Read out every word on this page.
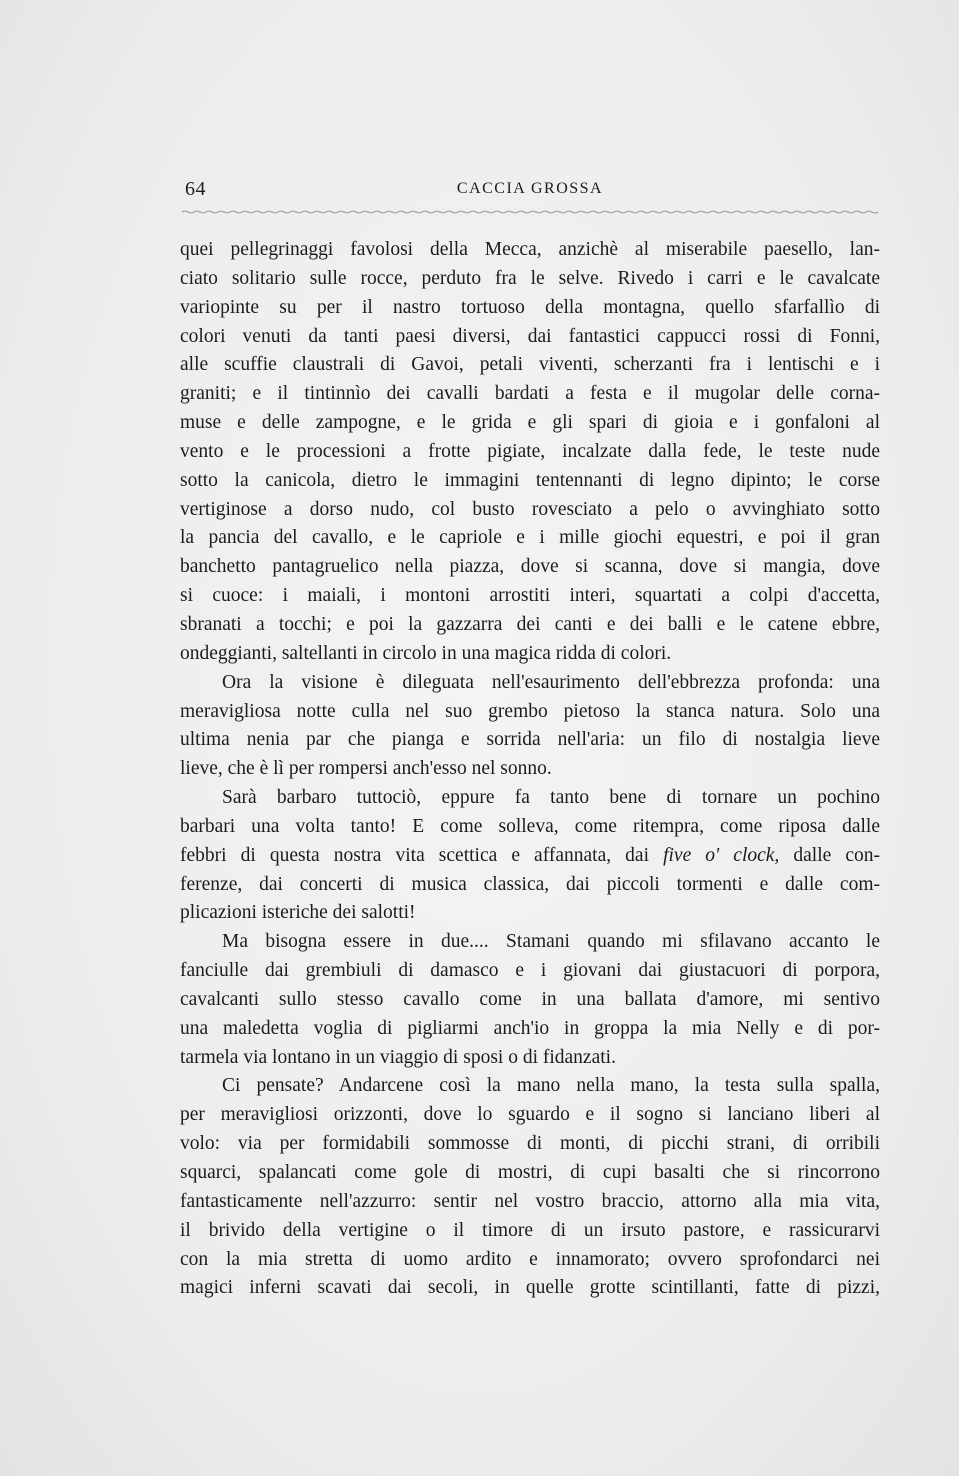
64	CACCIA GROSSA
quei pellegrinaggi favolosi della Mecca, anzichè al miserabile paesello, lan-
ciato solitario sulle rocce, perduto fra le selve. Rivedo i carri e le cavalcate
variopinte su per il nastro tortuoso della montagna, quello sfarfallìo di
colori venuti da tanti paesi diversi, dai fantastici cappucci rossi di Fonni,
alle scuffie claustrali di Gavoi, petali viventi, scherzanti fra i lentischi e i
graniti; e il tintinnìo dei cavalli bardati a festa e il mugolar delle corna-
muse e delle zampogne, e le grida e gli spari di gioia e i gonfaloni al
vento e le processioni a frotte pigiate, incalzate dalla fede, le teste nude
sotto la canicola, dietro le immagini tentennanti di legno dipinto; le corse
vertiginose a dorso nudo, col busto rovesciato a pelo o avvinghiato sotto
la pancia del cavallo, e le capriole e i mille giochi equestri, e poi il gran
banchetto pantagruelico nella piazza, dove si scanna, dove si mangia, dove
si cuoce: i maiali, i montoni arrostiti interi, squartati a colpi d'accetta,
sbranati a tocchi; e poi la gazzarra dei canti e dei balli e le catene ebbre,
ondeggianti, saltellanti in circolo in una magica ridda di colori.
Ora la visione è dileguata nell'esaurimento dell'ebbrezza profonda: una
meravigliosa notte culla nel suo grembo pietoso la stanca natura. Solo una
ultima nenia par che pianga e sorrida nell'aria: un filo di nostalgia lieve
lieve, che è lì per rompersi anch'esso nel sonno.
Sarà barbaro tuttociò, eppure fa tanto bene di tornare un pochino
barbari una volta tanto! E come solleva, come ritempra, come riposa dalle
febbri di questa nostra vita scettica e affannata, dai five o' clock, dalle con-
ferenze, dai concerti di musica classica, dai piccoli tormenti e dalle com-
plicazioni isteriche dei salotti!
Ma bisogna essere in due.... Stamani quando mi sfilavano accanto le
fanciulle dai grembiuli di damasco e i giovani dai giustacuori di porpora,
cavalcanti sullo stesso cavallo come in una ballata d'amore, mi sentivo
una maledetta voglia di pigliarmi anch'io in groppa la mia Nelly e di por-
tarmela via lontano in un viaggio di sposi o di fidanzati.
Ci pensate? Andarcene così la mano nella mano, la testa sulla spalla,
per meravigliosi orizzonti, dove lo sguardo e il sogno si lanciano liberi al
volo: via per formidabili sommosse di monti, di picchi strani, di orribili
squarci, spalancati come gole di mostri, di cupi basalti che si rincorrono
fantasticamente nell'azzurro: sentir nel vostro braccio, attorno alla mia vita,
il brivido della vertigine o il timore di un irsuto pastore, e rassicurarvi
con la mia stretta di uomo ardito e innamorato; ovvero sprofondarci nei
magici inferni scavati dai secoli, in quelle grotte scintillanti, fatte di pizzi,
